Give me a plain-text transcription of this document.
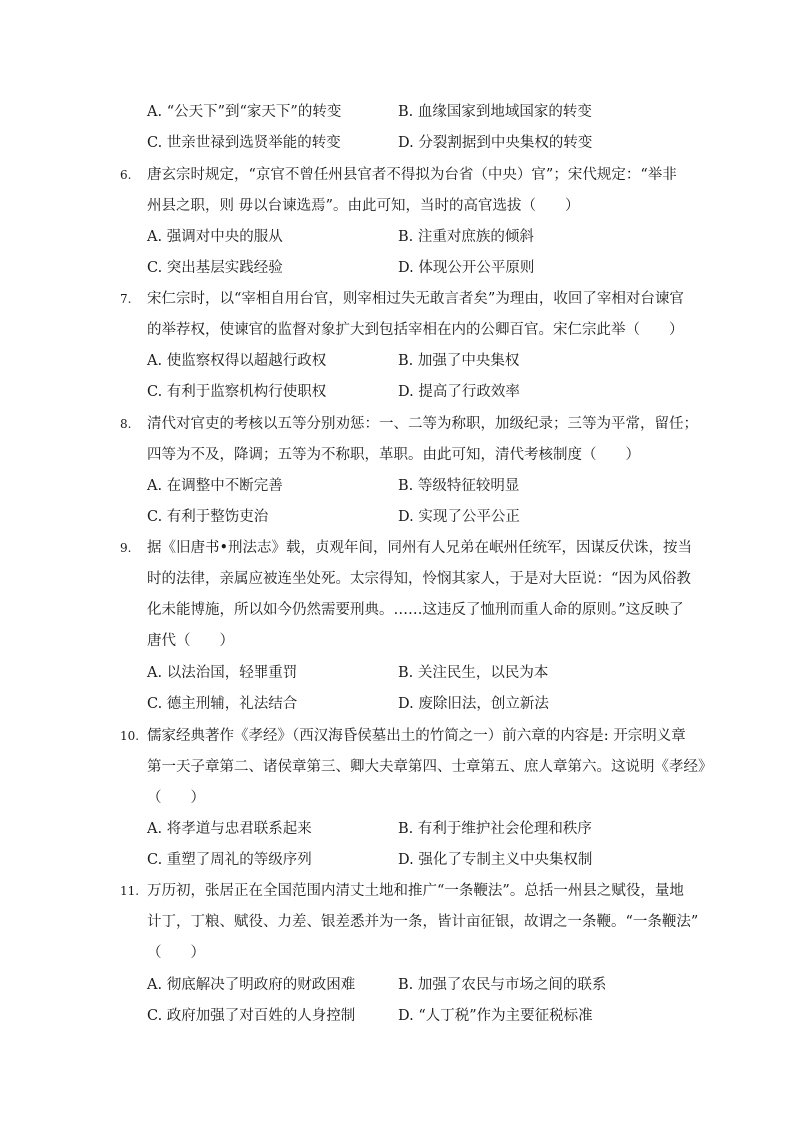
A. “公天下”到“家天下”的转变	B. 血缘国家到地域国家的转变
C. 世亲世禄到选贤举能的转变	D. 分裂割据到中央集权的转变
6. 唐玄宗时规定，“京官不曾任州县官者不得拟为台省（中央）官”；宋代规定：“举非
州县之职，则 毋以台谏选焉”。由此可知，当时的高官选拔（　　）
A. 强调对中央的服从	B. 注重对庶族的倾斜
C. 突出基层实践经验	D. 体现公开公平原则
7. 宋仁宗时，以“宰相自用台官，则宰相过失无敢言者矣”为理由，收回了宰相对台谏官
的举荐权，使谏官的监督对象扩大到包括宰相在内的公卿百官。宋仁宗此举（　　）
A. 使监察权得以超越行政权	B. 加强了中央集权
C. 有利于监察机构行使职权	D. 提高了行政效率
8. 清代对官吏的考核以五等分别劝惩：一、二等为称职，加级纪录；三等为平常，留任；
四等为不及，降调；五等为不称职，革职。由此可知，清代考核制度（　　）
A. 在调整中不断完善	B. 等级特征较明显
C. 有利于整饬吏治	D. 实现了公平公正
9. 据《旧唐书•刑法志》载，贞观年间，同州有人兄弟在岷州任统军，因谋反伏诛，按当
时的法律，亲属应被连坐处死。太宗得知，怜悯其家人，于是对大臣说：“因为风俗教
化未能博施，所以如今仍然需要刑典。……这违反了恤刑而重人命的原则。”这反映了
唐代（　　）
A. 以法治国，轻罪重罚	B. 关注民生，以民为本
C. 德主刑辅，礼法结合	D. 废除旧法，创立新法
10. 儒家经典著作《孝经》（西汉海昏侯墓出土的竹简之一）前六章的内容是: 开宗明义章
第一天子章第二、诸侯章第三、卿大夫章第四、士章第五、庶人章第六。这说明《孝经》
（　　）
A. 将孝道与忠君联系起来	B. 有利于维护社会伦理和秩序
C. 重塑了周礼的等级序列	D. 强化了专制主义中央集权制
11. 万历初，张居正在全国范围内清丈土地和推广“一条鞭法”。总括一州县之赋役，量地
计丁，丁粮、赋役、力差、银差悉并为一条，皆计亩征银，故谓之一条鞭。“一条鞭法”
（　　）
A. 彻底解决了明政府的财政困难	B. 加强了农民与市场之间的联系
C. 政府加强了对百姓的人身控制	D. “人丁税”作为主要征税标准
